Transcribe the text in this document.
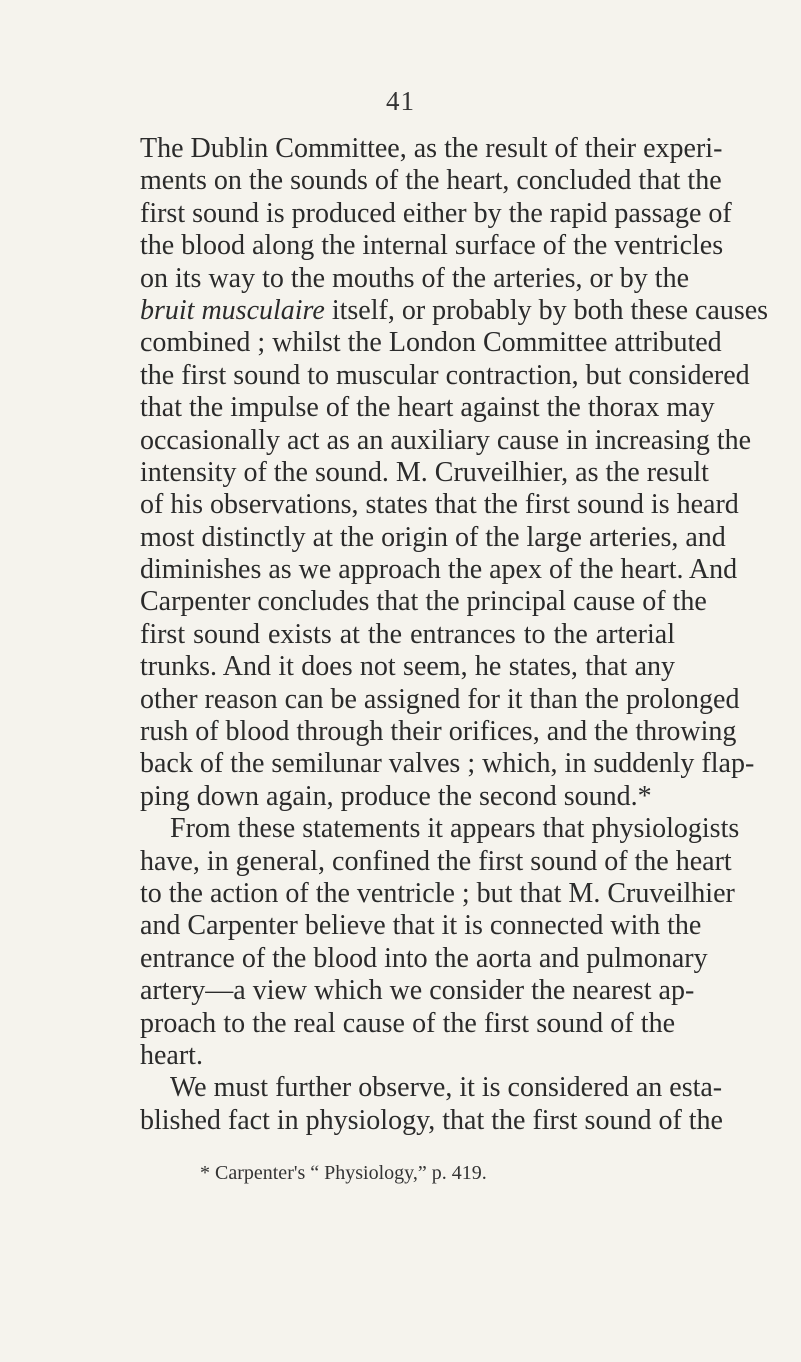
41
The Dublin Committee, as the result of their experi-
ments on the sounds of the heart, concluded that the
first sound is produced either by the rapid passage of
the blood along the internal surface of the ventricles
on its way to the mouths of the arteries, or by the
bruit musculaire itself, or probably by both these causes
combined ; whilst the London Committee attributed
the first sound to muscular contraction, but considered
that the impulse of the heart against the thorax may
occasionally act as an auxiliary cause in increasing the
intensity of the sound. M. Cruveilhier, as the result
of his observations, states that the first sound is heard
most distinctly at the origin of the large arteries, and
diminishes as we approach the apex of the heart. And
Carpenter concludes that the principal cause of the
first sound exists at the entrances to the arterial
trunks. And it does not seem, he states, that any
other reason can be assigned for it than the prolonged
rush of blood through their orifices, and the throwing
back of the semilunar valves ; which, in suddenly flap-
ping down again, produce the second sound.*
From these statements it appears that physiologists
have, in general, confined the first sound of the heart
to the action of the ventricle ; but that M. Cruveilhier
and Carpenter believe that it is connected with the
entrance of the blood into the aorta and pulmonary
artery—a view which we consider the nearest ap-
proach to the real cause of the first sound of the
heart.
We must further observe, it is considered an esta-
blished fact in physiology, that the first sound of the
* Carpenter's “ Physiology,” p. 419.
